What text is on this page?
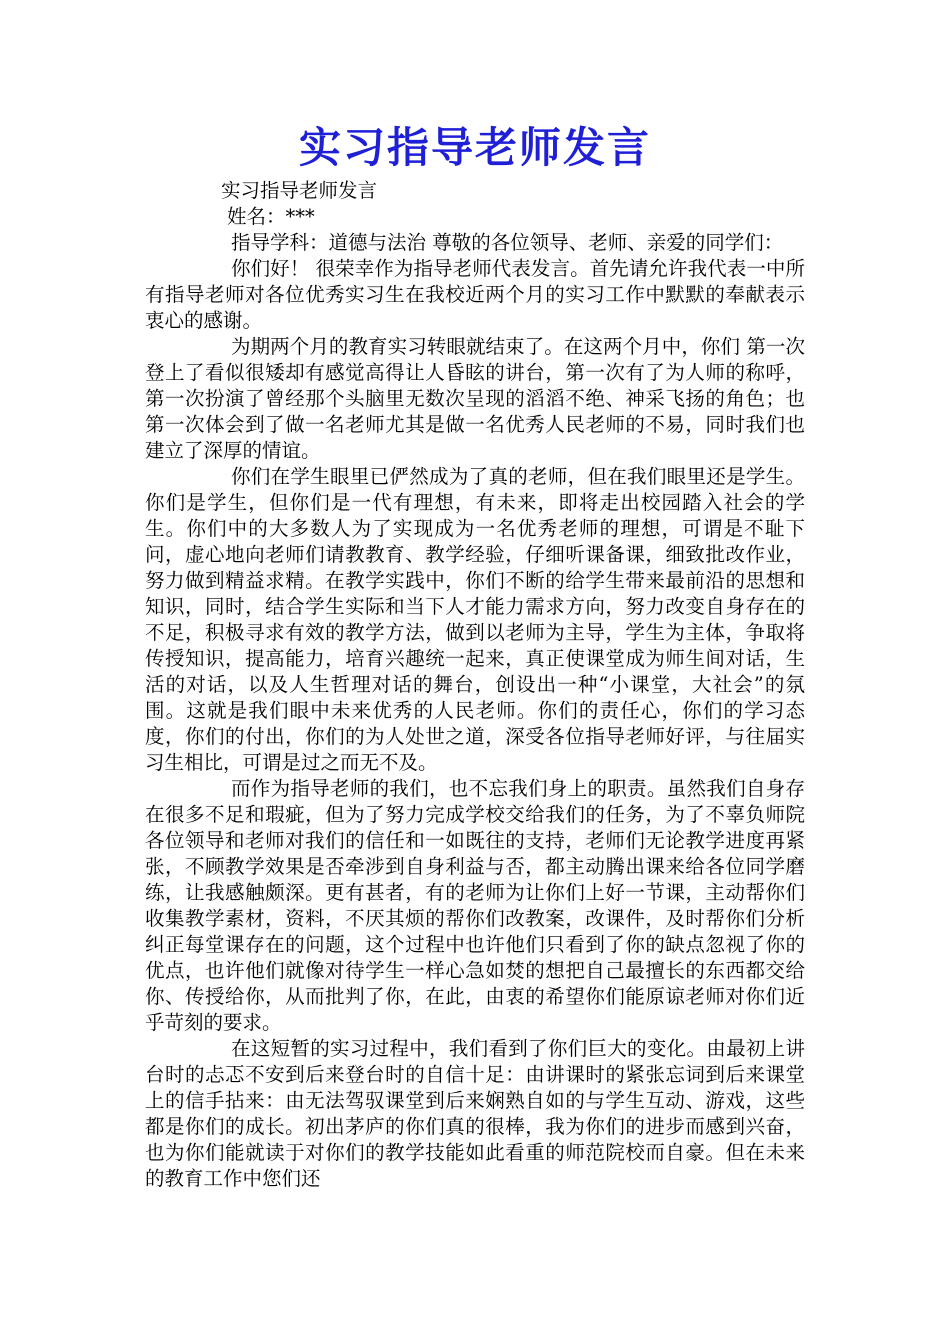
实习指导老师发言

实习指导老师发言

姓名：***

指导学科：道德与法治 尊敬的各位领导、老师、亲爱的同学们：

你们好！ 很荣幸作为指导老师代表发言。首先请允许我代表一中所有指导老师对各位优秀实习生在我校近两个月的实习工作中默默的奉献表示衷心的感谢。

为期两个月的教育实习转眼就结束了。在这两个月中，你们 第一次登上了看似很矮却有感觉高得让人昏眩的讲台，第一次有了为人师的称呼，第一次扮演了曾经那个头脑里无数次呈现的滔滔不绝、神采飞扬的角色；也第一次体会到了做一名老师尤其是做一名优秀人民老师的不易，同时我们也建立了深厚的情谊。

你们在学生眼里已俨然成为了真的老师，但在我们眼里还是学生。你们是学生，但你们是一代有理想，有未来，即将走出校园踏入社会的学生。你们中的大多数人为了实现成为一名优秀老师的理想，可谓是不耻下问，虚心地向老师们请教教育、教学经验，仔细听课备课，细致批改作业，努力做到精益求精。在教学实践中，你们不断的给学生带来最前沿的思想和知识，同时，结合学生实际和当下人才能力需求方向，努力改变自身存在的不足，积极寻求有效的教学方法，做到以老师为主导，学生为主体，争取将传授知识，提高能力，培育兴趣统一起来，真正使课堂成为师生间对话，生活的对话，以及人生哲理对话的舞台，创设出一种“小课堂，大社会”的氛围。这就是我们眼中未来优秀的人民老师。你们的责任心，你们的学习态度，你们的付出，你们的为人处世之道，深受各位指导老师好评，与往届实习生相比，可谓是过之而无不及。

而作为指导老师的我们，也不忘我们身上的职责。虽然我们自身存在很多不足和瑕疵，但为了努力完成学校交给我们的任务，为了不辜负师院各位领导和老师对我们的信任和一如既往的支持，老师们无论教学进度再紧张，不顾教学效果是否牵涉到自身利益与否，都主动腾出课来给各位同学磨练，让我感触颇深。更有甚者，有的老师为让你们上好一节课，主动帮你们收集教学素材，资料，不厌其烦的帮你们改教案，改课件，及时帮你们分析纠正每堂课存在的问题，这个过程中也许他们只看到了你的缺点忽视了你的优点，也许他们就像对待学生一样心急如焚的想把自己最擅长的东西都交给你、传授给你，从而批判了你，在此，由衷的希望你们能原谅老师对你们近乎苛刻的要求。

在这短暂的实习过程中，我们看到了你们巨大的变化。由最初上讲台时的忐忑不安到后来登台时的自信十足：由讲课时的紧张忘词到后来课堂上的信手拈来：由无法驾驭课堂到后来娴熟自如的与学生互动、游戏，这些都是你们的成长。初出茅庐的你们真的很棒，我为你们的进步而感到兴奋，也为你们能就读于对你们的教学技能如此看重的师范院校而自豪。但在未来的教育工作中您们还
